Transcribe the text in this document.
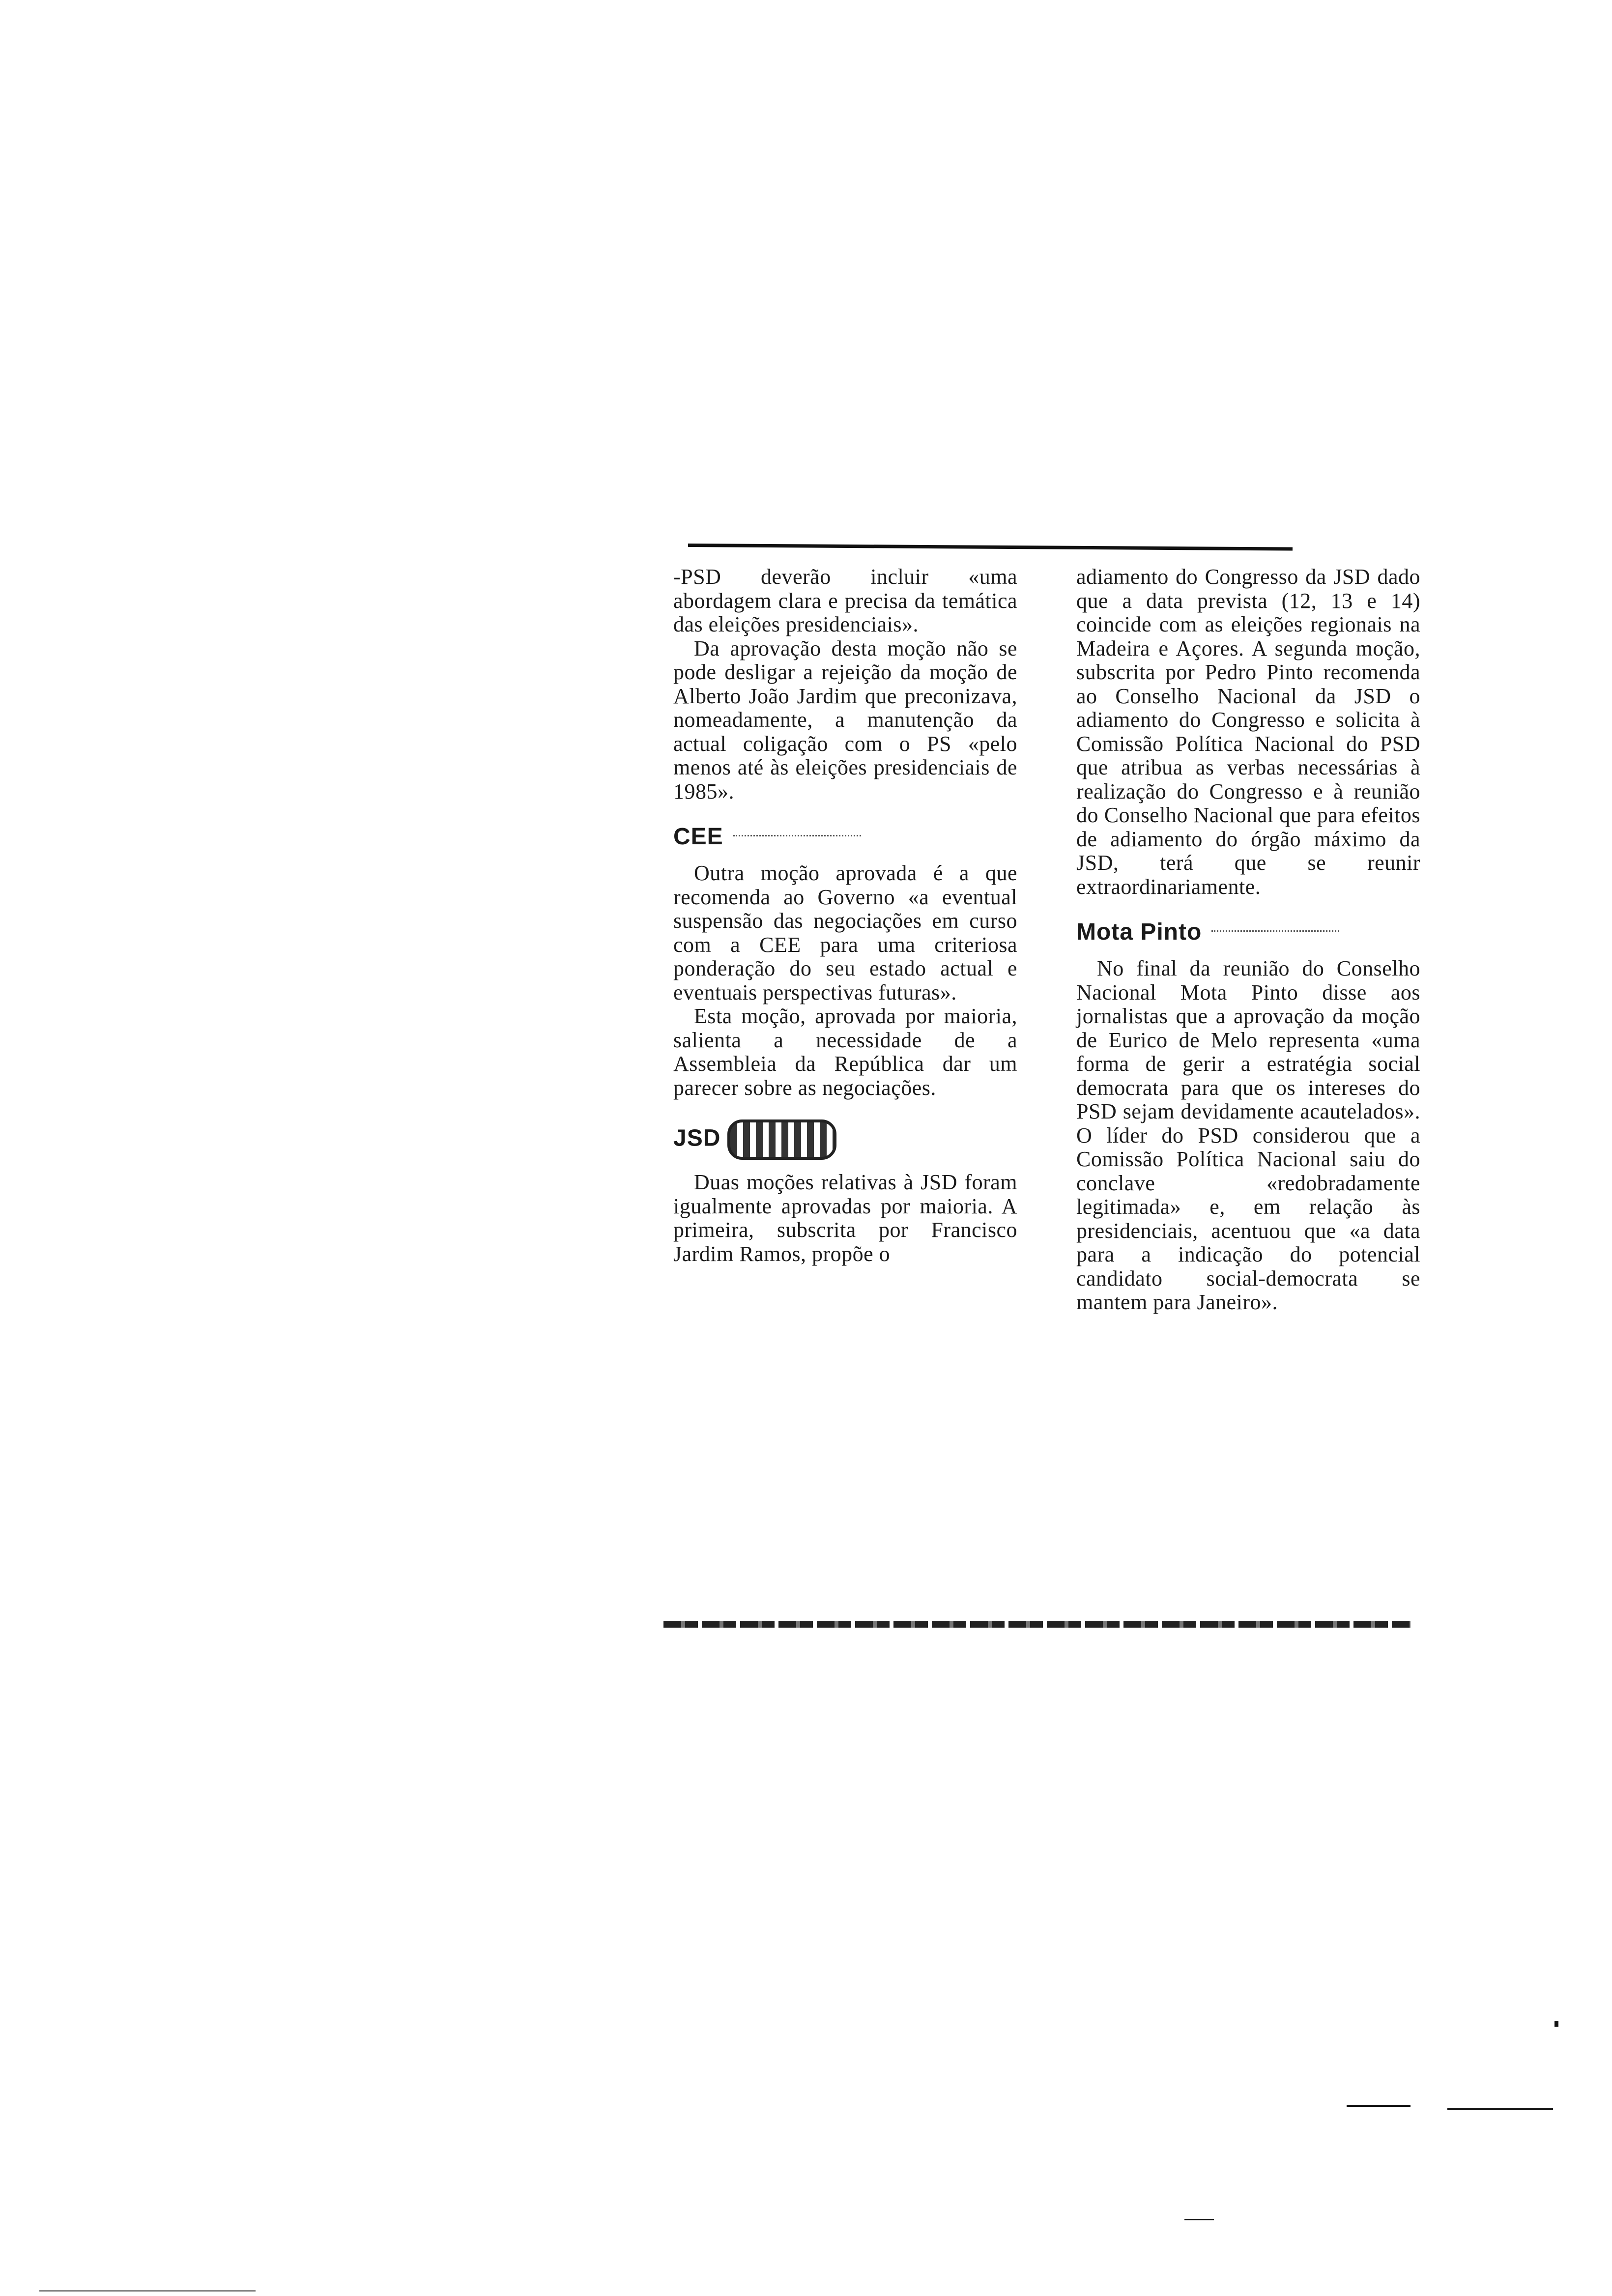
-PSD deverão incluir «uma abordagem clara e precisa da temática das eleições presidenciais».

Da aprovação desta moção não se pode desligar a rejeição da moção de Alberto João Jardim que preconizava, nomeadamente, a manutenção da actual coligação com o PS «pelo menos até às eleições presidenciais de 1985».

CEE

Outra moção aprovada é a que recomenda ao Governo «a eventual suspensão das negociações em curso com a CEE para uma criteriosa ponderação do seu estado actual e eventuais perspectivas futuras».

Esta moção, aprovada por maioria, salienta a necessidade de a Assembleia da República dar um parecer sobre as negociações.

JSD

Duas moções relativas à JSD foram igualmente aprovadas por maioria. A primeira, subscrita por Francisco Jardim Ramos, propõe o

adiamento do Congresso da JSD dado que a data prevista (12, 13 e 14) coincide com as eleições regionais na Madeira e Açores. A segunda moção, subscrita por Pedro Pinto recomenda ao Conselho Nacional da JSD o adiamento do Congresso e solicita à Comissão Política Nacional do PSD que atribua as verbas necessárias à realização do Congresso e à reunião do Conselho Nacional que para efeitos de adiamento do órgão máximo da JSD, terá que se reunir extraordinariamente.

Mota Pinto

No final da reunião do Conselho Nacional Mota Pinto disse aos jornalistas que a aprovação da moção de Eurico de Melo representa «uma forma de gerir a estratégia social democrata para que os intereses do PSD sejam devidamente acautelados». O líder do PSD considerou que a Comissão Política Nacional saiu do conclave «redobradamente legitimada» e, em relação às presidenciais, acentuou que «a data para a indicação do potencial candidato social-democrata se mantem para Janeiro».
